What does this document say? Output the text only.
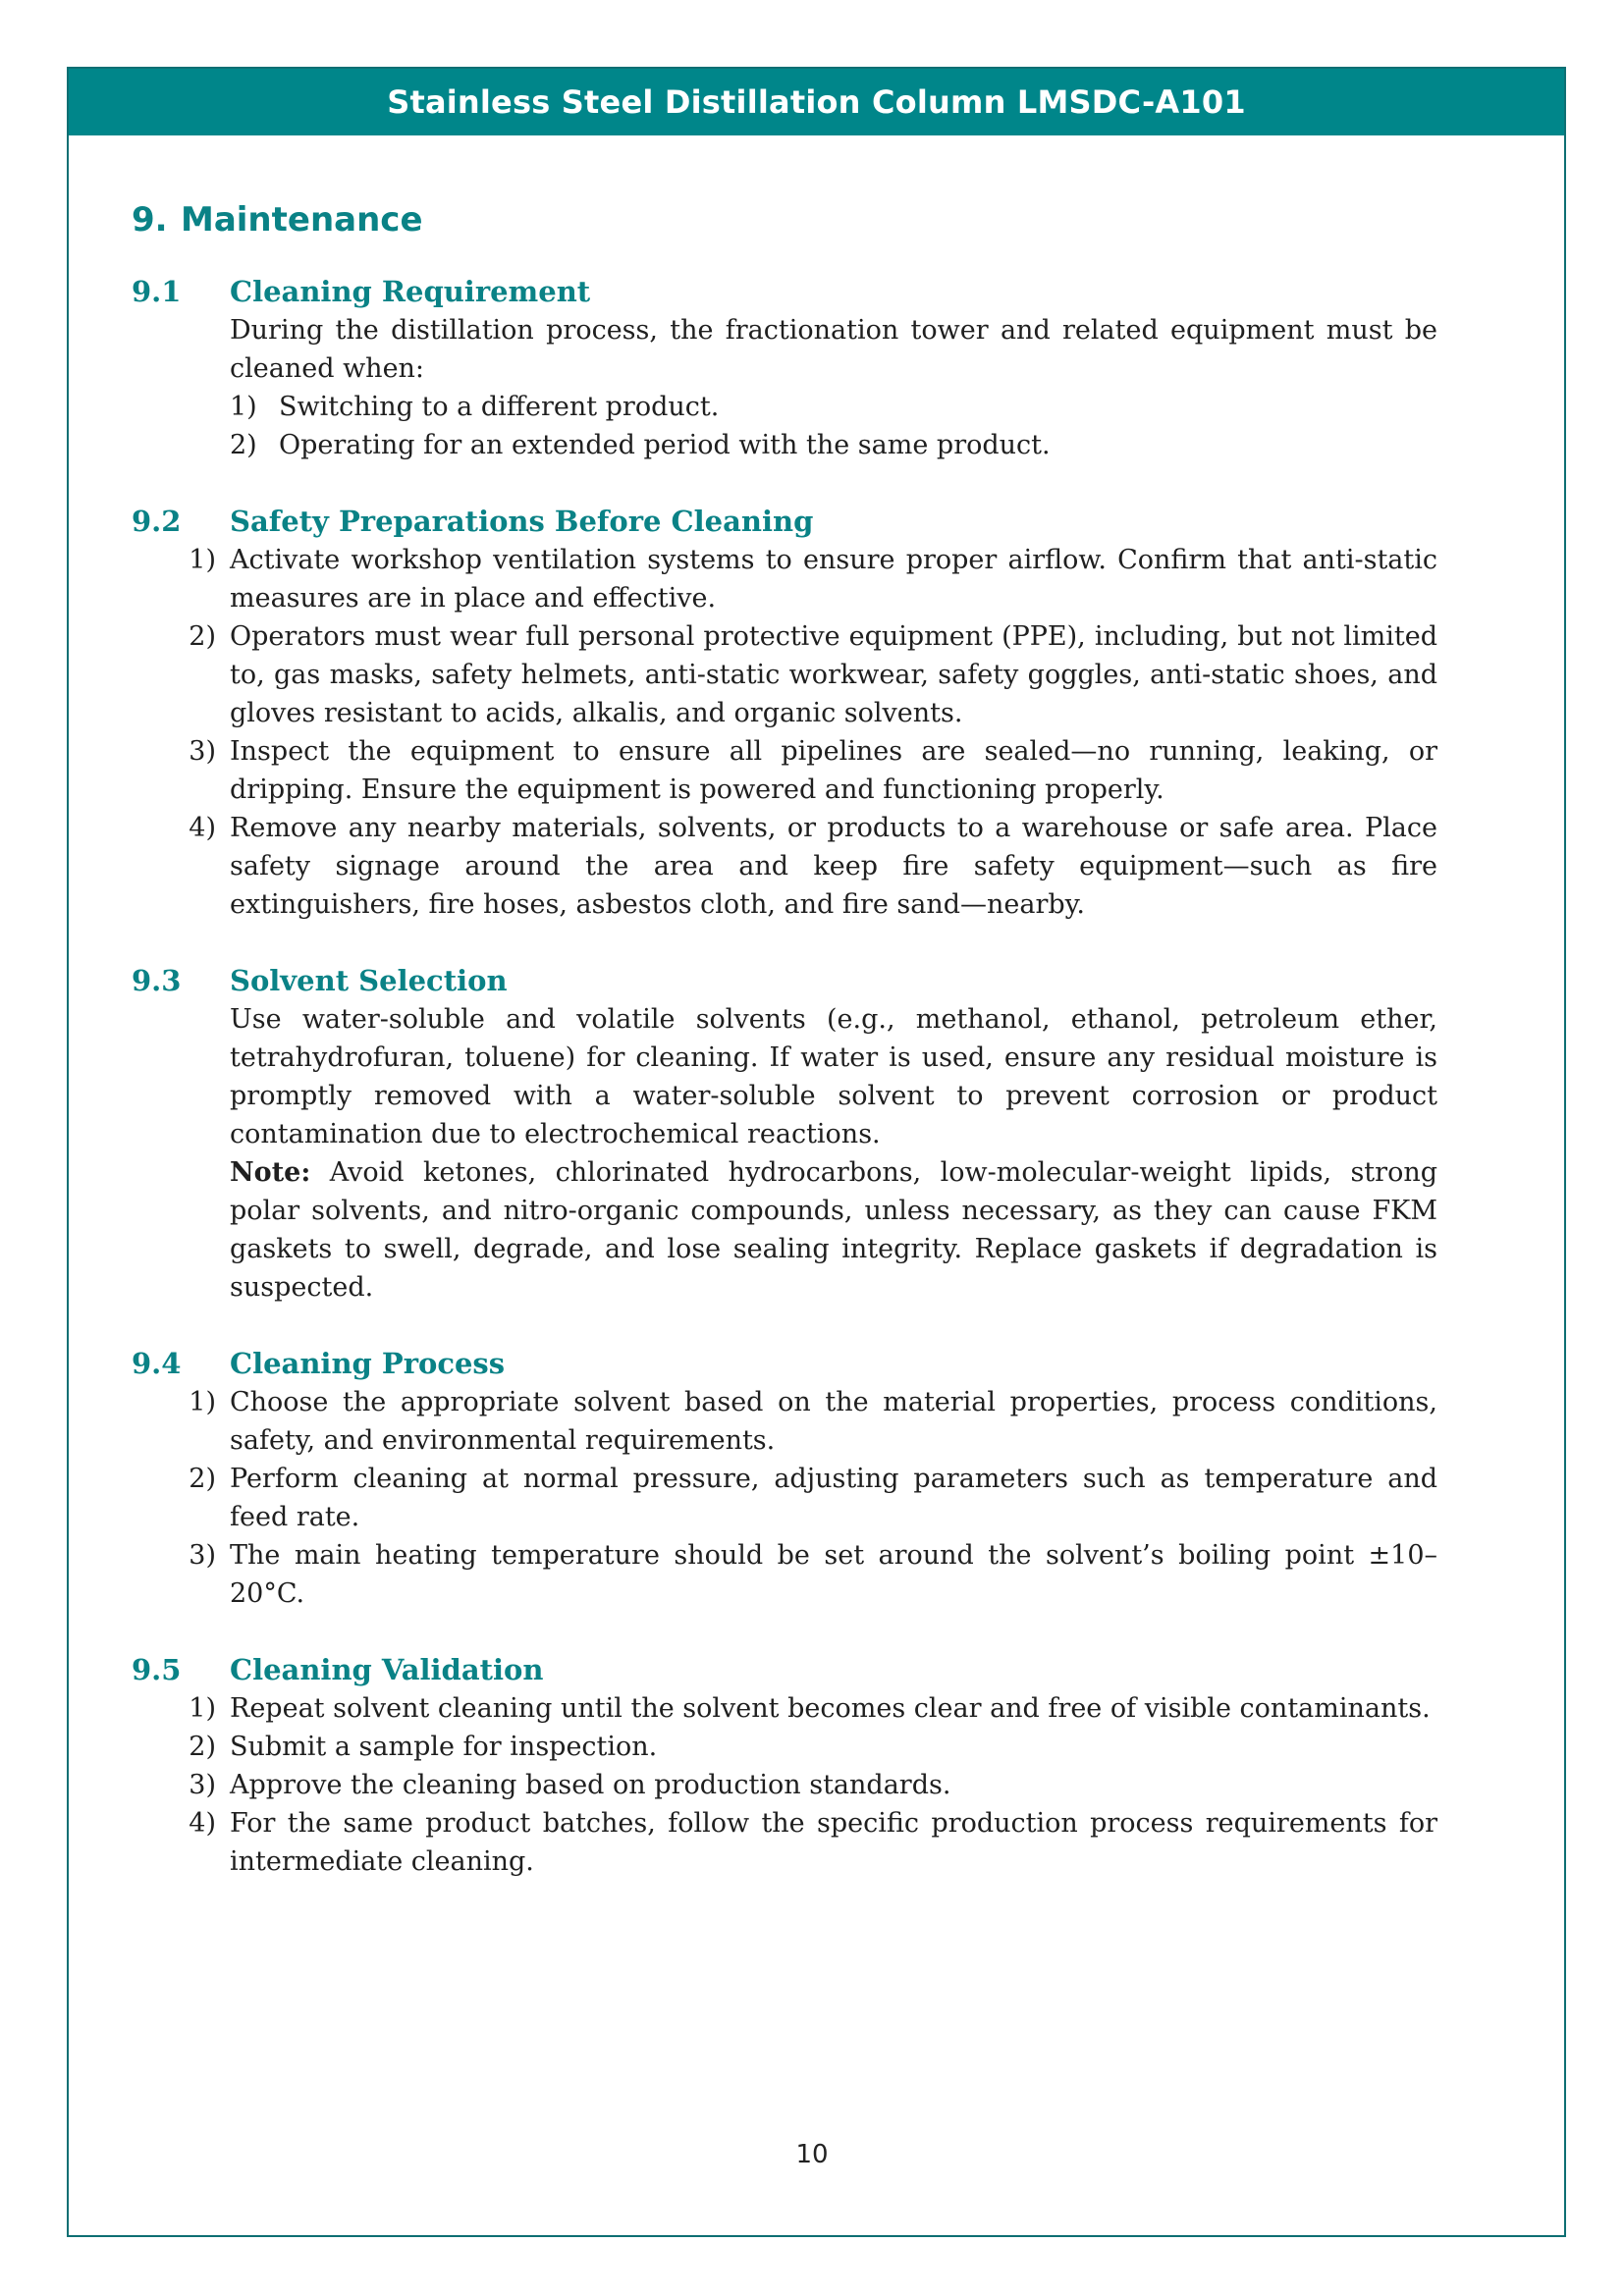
Stainless Steel Distillation Column LMSDC-A101
9. Maintenance
9.1	Cleaning Requirement
During the distillation process, the fractionation tower and related equipment must be cleaned when:
1) Switching to a different product.
2) Operating for an extended period with the same product.
9.2	Safety Preparations Before Cleaning
1) Activate workshop ventilation systems to ensure proper airflow. Confirm that anti-static measures are in place and effective.
2) Operators must wear full personal protective equipment (PPE), including, but not limited to, gas masks, safety helmets, anti-static workwear, safety goggles, anti-static shoes, and gloves resistant to acids, alkalis, and organic solvents.
3) Inspect the equipment to ensure all pipelines are sealed—no running, leaking, or dripping. Ensure the equipment is powered and functioning properly.
4) Remove any nearby materials, solvents, or products to a warehouse or safe area. Place safety signage around the area and keep fire safety equipment—such as fire extinguishers, fire hoses, asbestos cloth, and fire sand—nearby.
9.3	Solvent Selection
Use water-soluble and volatile solvents (e.g., methanol, ethanol, petroleum ether, tetrahydrofuran, toluene) for cleaning. If water is used, ensure any residual moisture is promptly removed with a water-soluble solvent to prevent corrosion or product contamination due to electrochemical reactions.
Note: Avoid ketones, chlorinated hydrocarbons, low-molecular-weight lipids, strong polar solvents, and nitro-organic compounds, unless necessary, as they can cause FKM gaskets to swell, degrade, and lose sealing integrity. Replace gaskets if degradation is suspected.
9.4	Cleaning Process
1) Choose the appropriate solvent based on the material properties, process conditions, safety, and environmental requirements.
2) Perform cleaning at normal pressure, adjusting parameters such as temperature and feed rate.
3) The main heating temperature should be set around the solvent’s boiling point ±10–20°C.
9.5	Cleaning Validation
1) Repeat solvent cleaning until the solvent becomes clear and free of visible contaminants.
2) Submit a sample for inspection.
3) Approve the cleaning based on production standards.
4) For the same product batches, follow the specific production process requirements for intermediate cleaning.
10
